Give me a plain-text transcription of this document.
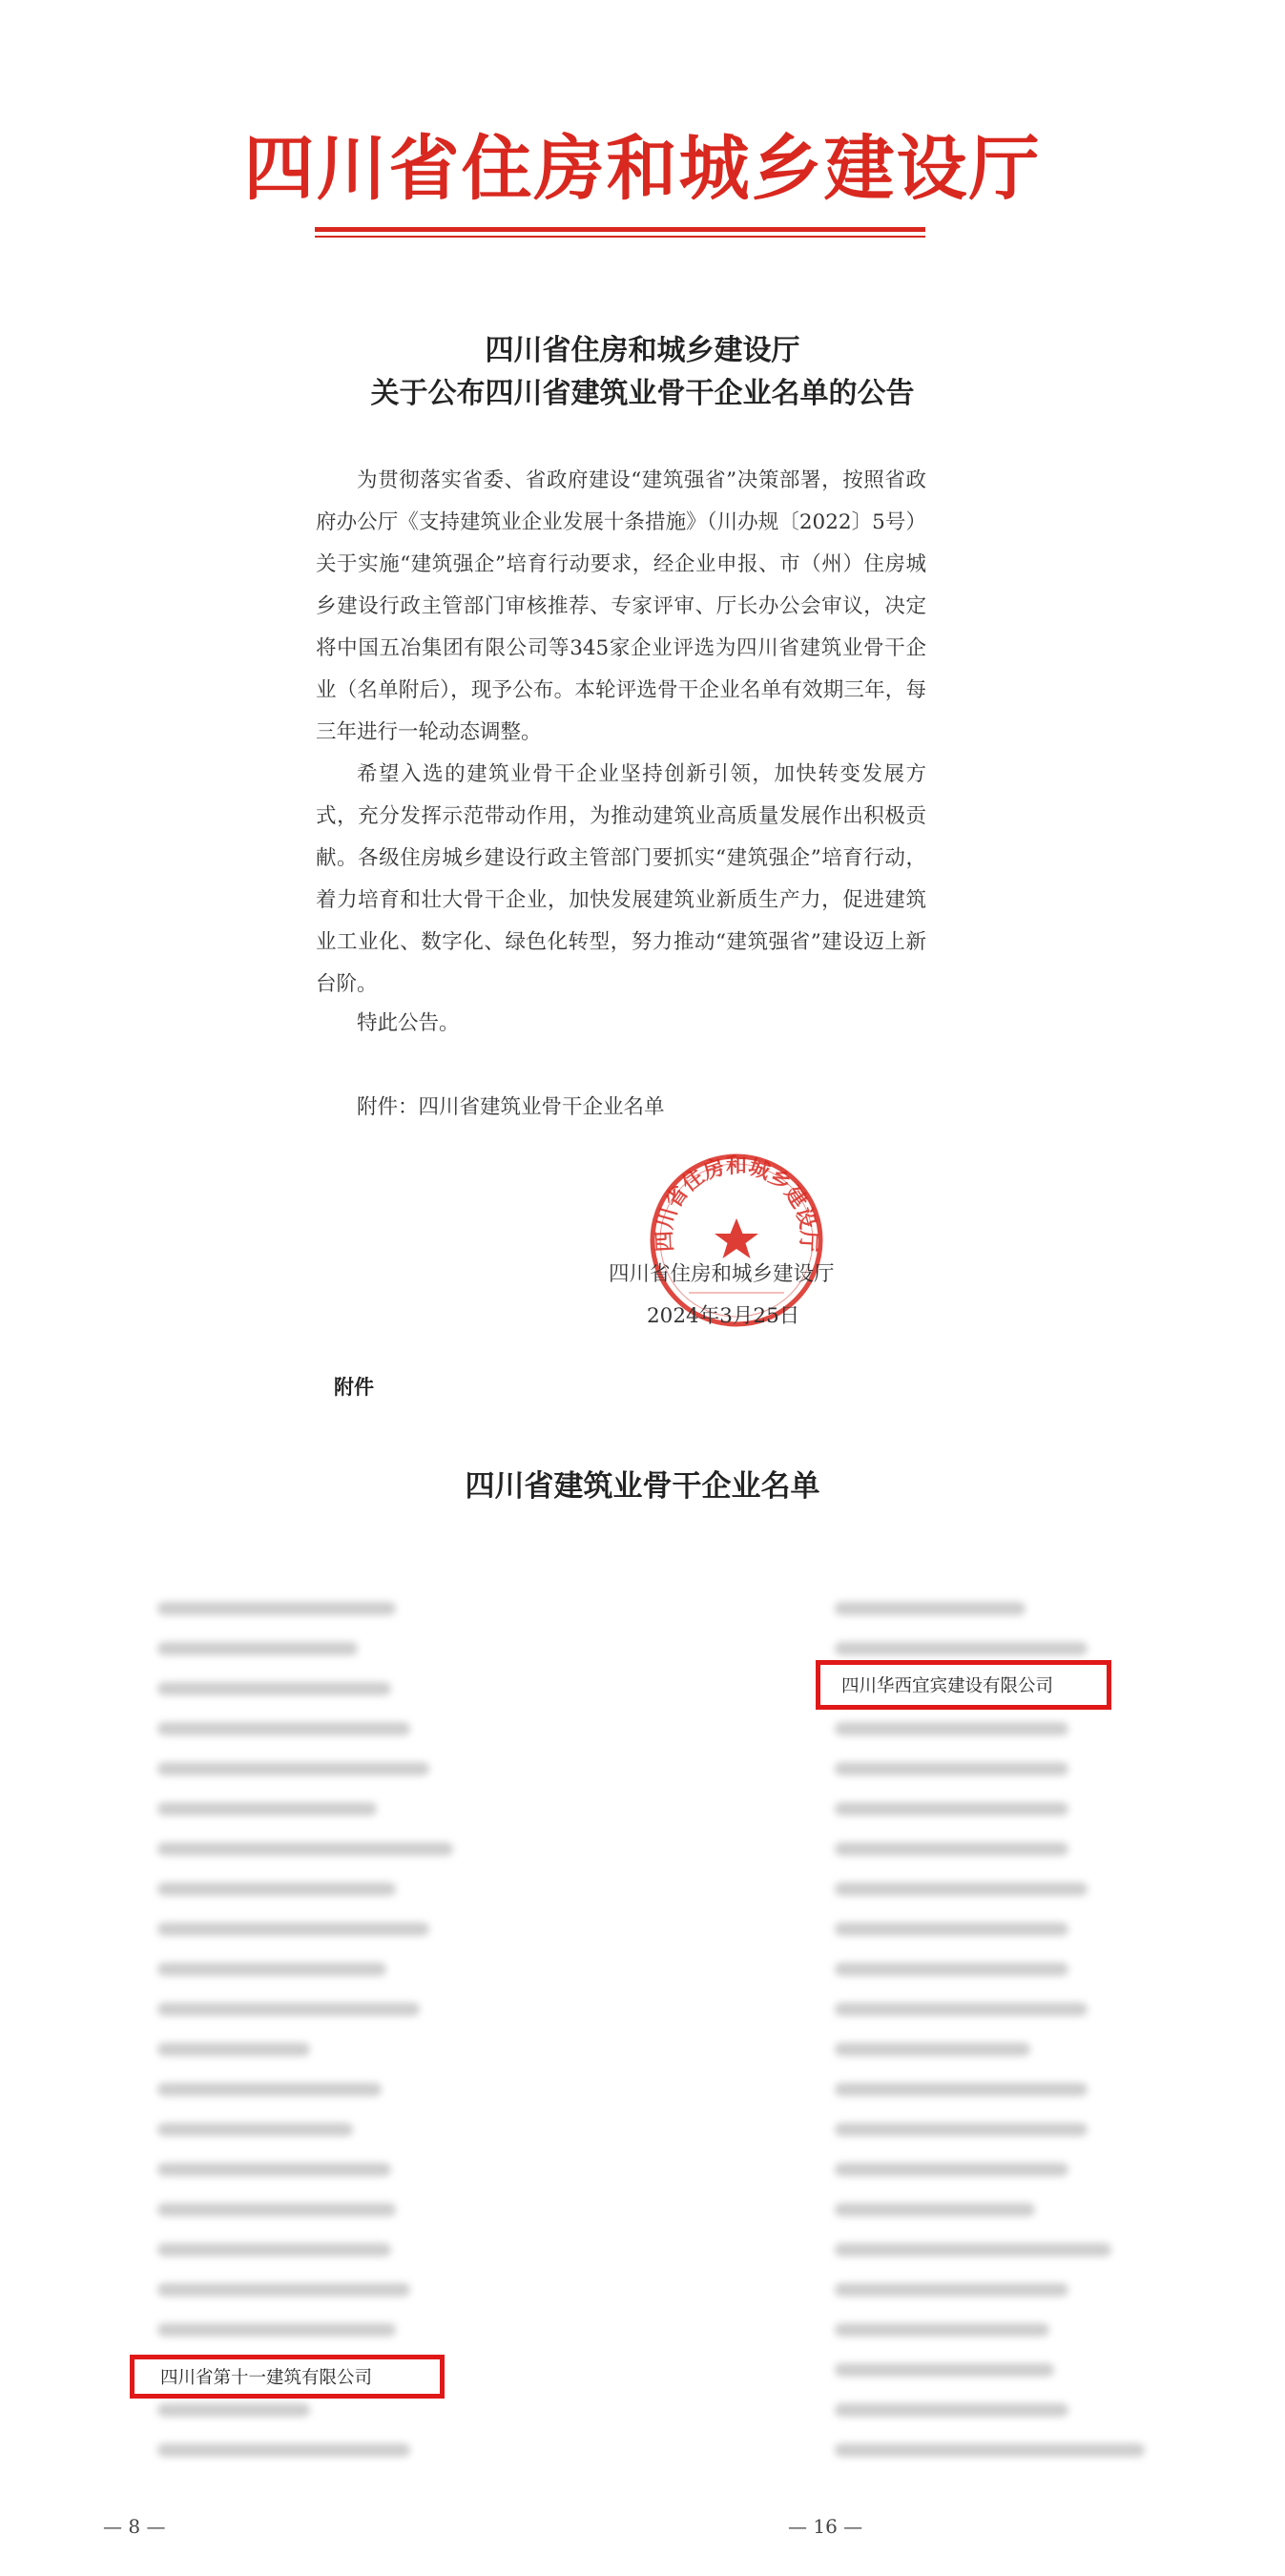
四川省住房和城乡建设厅
四川省住房和城乡建设厅
关于公布四川省建筑业骨干企业名单的公告
为贯彻落实省委、省政府建设“建筑强省”决策部署，按照省政府办公厅《支持建筑业企业发展十条措施》（川办规〔2022〕5号）关于实施“建筑强企”培育行动要求，经企业申报、市（州）住房城乡建设行政主管部门审核推荐、专家评审、厅长办公会审议，决定将中国五冶集团有限公司等345家企业评选为四川省建筑业骨干企业（名单附后），现予公布。本轮评选骨干企业名单有效期三年，每三年进行一轮动态调整。
希望入选的建筑业骨干企业坚持创新引领，加快转变发展方式，充分发挥示范带动作用，为推动建筑业高质量发展作出积极贡献。各级住房城乡建设行政主管部门要抓实“建筑强企”培育行动，着力培育和壮大骨干企业，加快发展建筑业新质生产力，促进建筑业工业化、数字化、绿色化转型，努力推动“建筑强省”建设迈上新台阶。
特此公告。
附件：四川省建筑业骨干企业名单
四川省住房和城乡建设厅
四川省住房和城乡建设厅
2024年3月25日
附件
四川省建筑业骨干企业名单
四川华西宜宾建设有限公司
四川省第十一建筑有限公司
— 8 —	— 16 —
